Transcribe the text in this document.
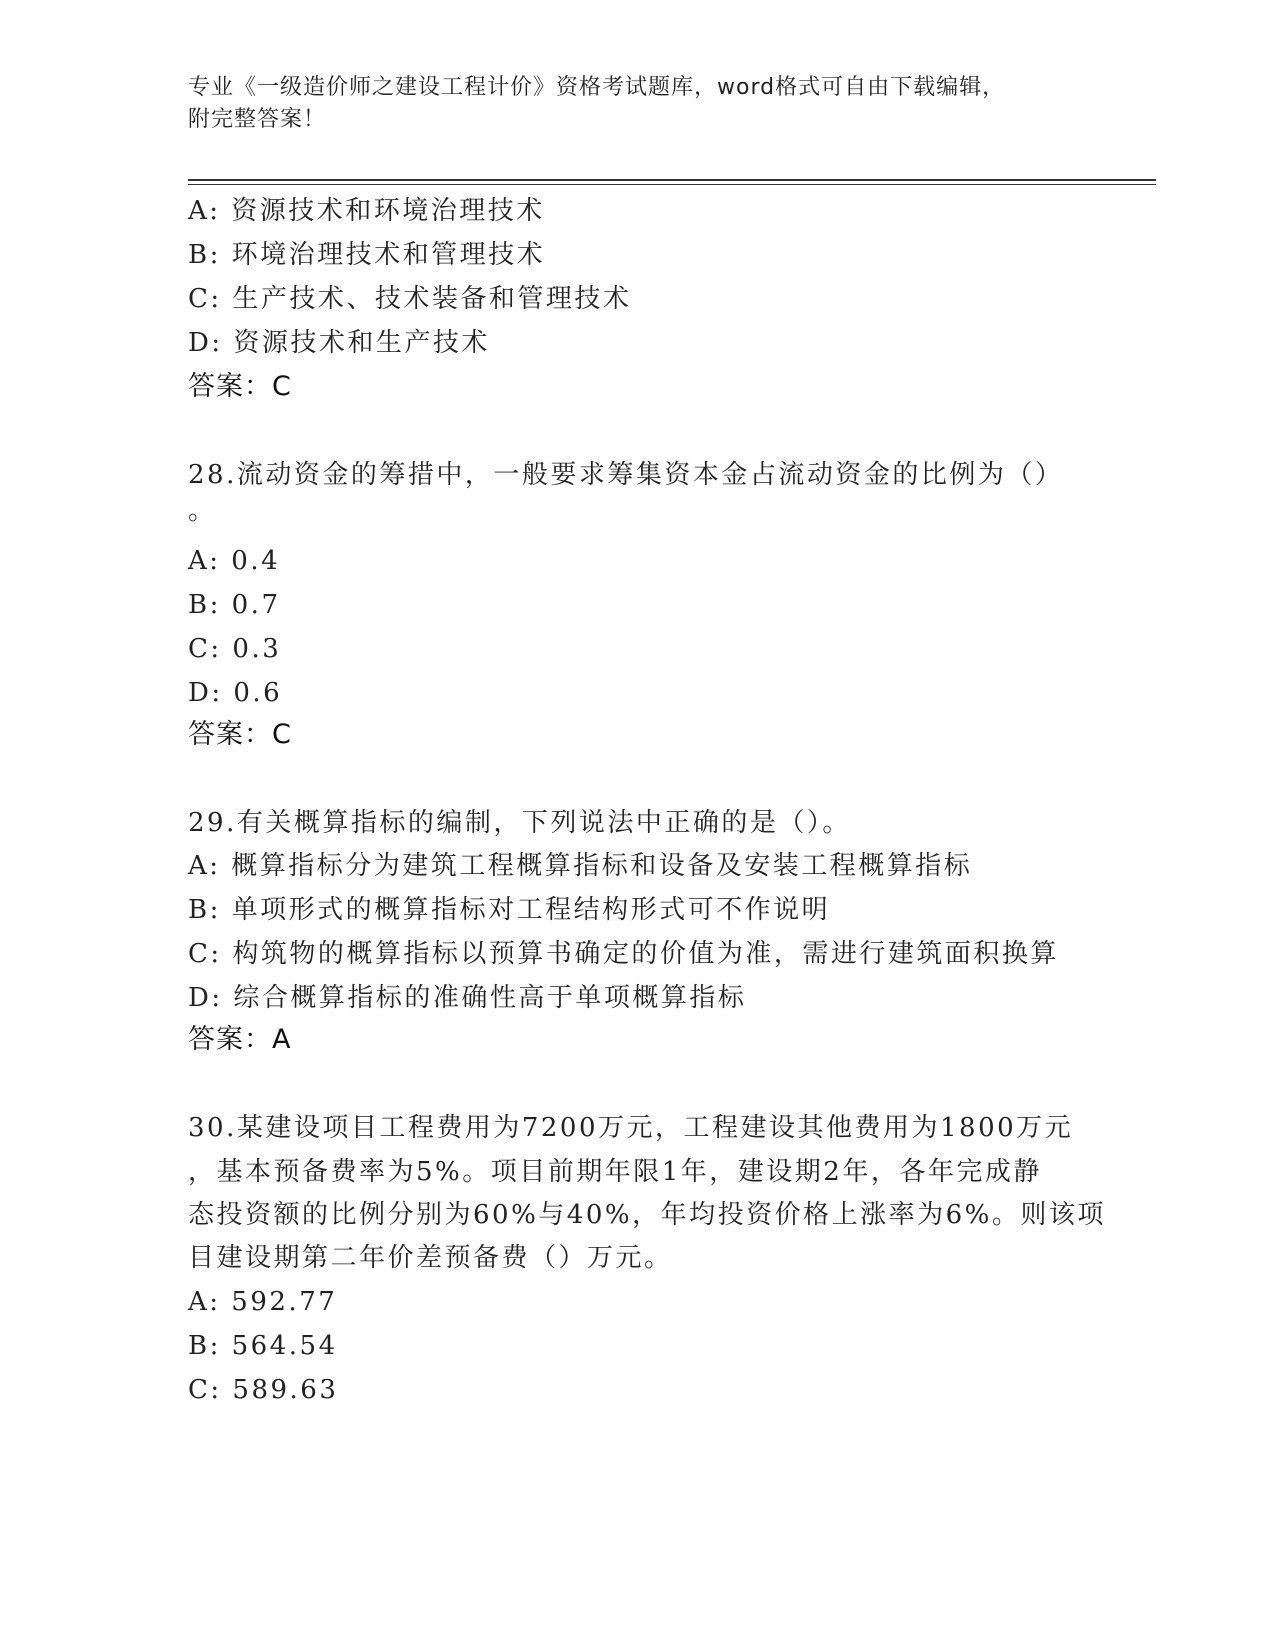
专业《一级造价师之建设工程计价》资格考试题库，word格式可自由下载编辑，
附完整答案！
A: 资源技术和环境治理技术
B: 环境治理技术和管理技术
C: 生产技术、技术装备和管理技术
D: 资源技术和生产技术
答案：C
28.流动资金的筹措中，一般要求筹集资本金占流动资金的比例为（）
。
A: 0.4
B: 0.7
C: 0.3
D: 0.6
答案：C
29.有关概算指标的编制，下列说法中正确的是（）。
A: 概算指标分为建筑工程概算指标和设备及安装工程概算指标
B: 单项形式的概算指标对工程结构形式可不作说明
C: 构筑物的概算指标以预算书确定的价值为准，需进行建筑面积换算
D: 综合概算指标的准确性高于单项概算指标
答案：A
30.某建设项目工程费用为7200万元，工程建设其他费用为1800万元
，基本预备费率为5%。项目前期年限1年，建设期2年，各年完成静
态投资额的比例分别为60%与40%，年均投资价格上涨率为6%。则该项
目建设期第二年价差预备费（）万元。
A: 592.77
B: 564.54
C: 589.63
